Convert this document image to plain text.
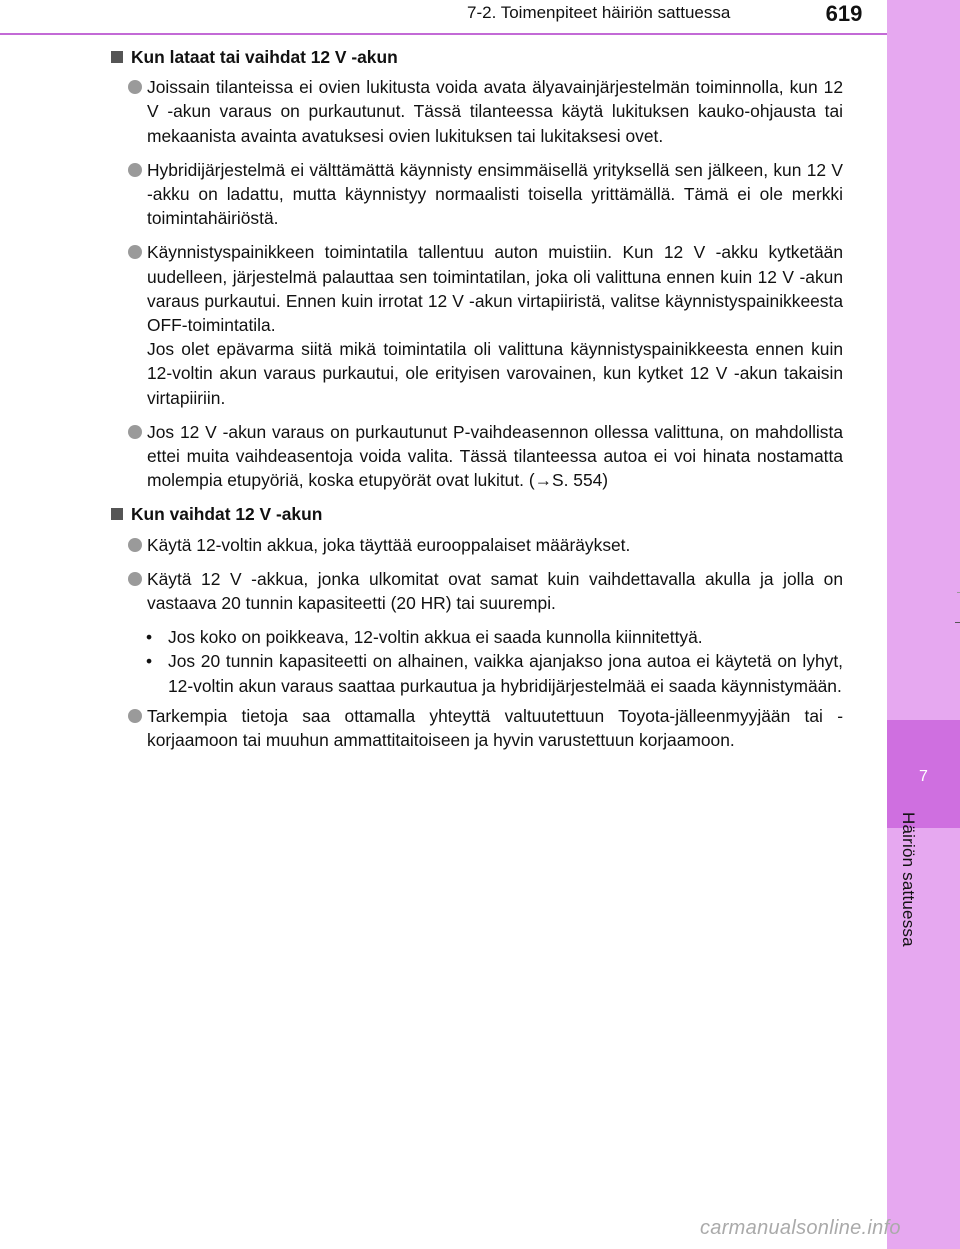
7
Häiriön sattuessa
7-2. Toimenpiteet häiriön sattuessa	619
Kun lataat tai vaihdat 12 V -akun
Joissain tilanteissa ei ovien lukitusta voida avata älyavainjärjestelmän toiminnolla, kun 12 V -akun varaus on purkautunut. Tässä tilanteessa käytä lukituksen kauko-ohjausta tai mekaanista avainta avatuksesi ovien lukituksen tai lukitaksesi ovet.
Hybridijärjestelmä ei välttämättä käynnisty ensimmäisellä yrityksellä sen jälkeen, kun 12 V -akku on ladattu, mutta käynnistyy normaalisti toisella yrittämällä. Tämä ei ole merkki toimintahäiriöstä.
Käynnistyspainikkeen toimintatila tallentuu auton muistiin. Kun 12 V -akku kytketään uudelleen, järjestelmä palauttaa sen toimintatilan, joka oli valittuna ennen kuin 12 V -akun varaus purkautui. Ennen kuin irrotat 12 V -akun virtapiiristä, valitse käynnistyspainikkeesta OFF-toimintatila.
Jos olet epävarma siitä mikä toimintatila oli valittuna käynnistyspainikkeesta ennen kuin 12-voltin akun varaus purkautui, ole erityisen varovainen, kun kytket 12 V -akun takaisin virtapiiriin.
Jos 12 V -akun varaus on purkautunut P-vaihdeasennon ollessa valittuna, on mahdollista ettei muita vaihdeasentoja voida valita. Tässä tilanteessa autoa ei voi hinata nostamatta molempia etupyöriä, koska etupyörät ovat lukitut. (→S. 554)
Kun vaihdat 12 V -akun
Käytä 12-voltin akkua, joka täyttää eurooppalaiset määräykset.
Käytä 12 V -akkua, jonka ulkomitat ovat samat kuin vaihdettavalla akulla ja jolla on vastaava 20 tunnin kapasiteetti (20 HR) tai suurempi.
• Jos koko on poikkeava, 12-voltin akkua ei saada kunnolla kiinnitettyä.
• Jos 20 tunnin kapasiteetti on alhainen, vaikka ajanjakso jona autoa ei käytetä on lyhyt, 12-voltin akun varaus saattaa purkautua ja hybridijärjestelmää ei saada käynnistymään.
Tarkempia tietoja saa ottamalla yhteyttä valtuutettuun Toyota-jälleenmyyjään tai -korjaamoon tai muuhun ammattitaitoiseen ja hyvin varustettuun korjaamoon.
carmanualsonline.info
